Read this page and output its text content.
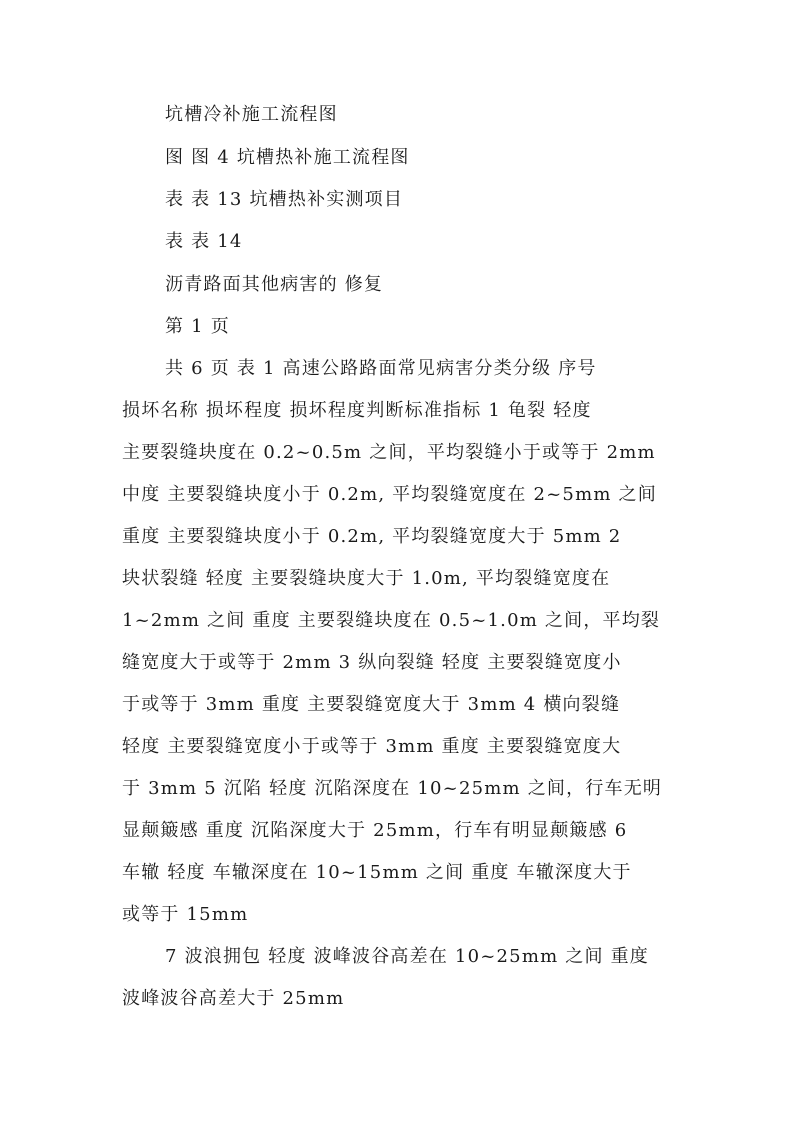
坑槽冷补施工流程图
图 图 4 坑槽热补施工流程图
表 表 13 坑槽热补实测项目
表 表 14
沥青路面其他病害的 修复
第 1 页
共 6 页 表 1 高速公路路面常见病害分类分级 序号
损坏名称 损坏程度 损坏程度判断标准指标 1 龟裂 轻度
主要裂缝块度在 0.2~0.5m 之间，平均裂缝小于或等于 2mm
中度 主要裂缝块度小于 0.2m, 平均裂缝宽度在 2~5mm 之间
重度 主要裂缝块度小于 0.2m, 平均裂缝宽度大于 5mm 2
块状裂缝 轻度 主要裂缝块度大于 1.0m, 平均裂缝宽度在
1~2mm 之间 重度 主要裂缝块度在 0.5~1.0m 之间，平均裂
缝宽度大于或等于 2mm 3 纵向裂缝 轻度 主要裂缝宽度小
于或等于 3mm 重度 主要裂缝宽度大于 3mm 4 横向裂缝
轻度 主要裂缝宽度小于或等于 3mm 重度 主要裂缝宽度大
于 3mm 5 沉陷 轻度 沉陷深度在 10~25mm 之间，行车无明
显颠簸感 重度 沉陷深度大于 25mm，行车有明显颠簸感 6
车辙 轻度 车辙深度在 10~15mm 之间 重度 车辙深度大于
或等于 15mm
7 波浪拥包 轻度 波峰波谷高差在 10~25mm 之间 重度
波峰波谷高差大于 25mm
